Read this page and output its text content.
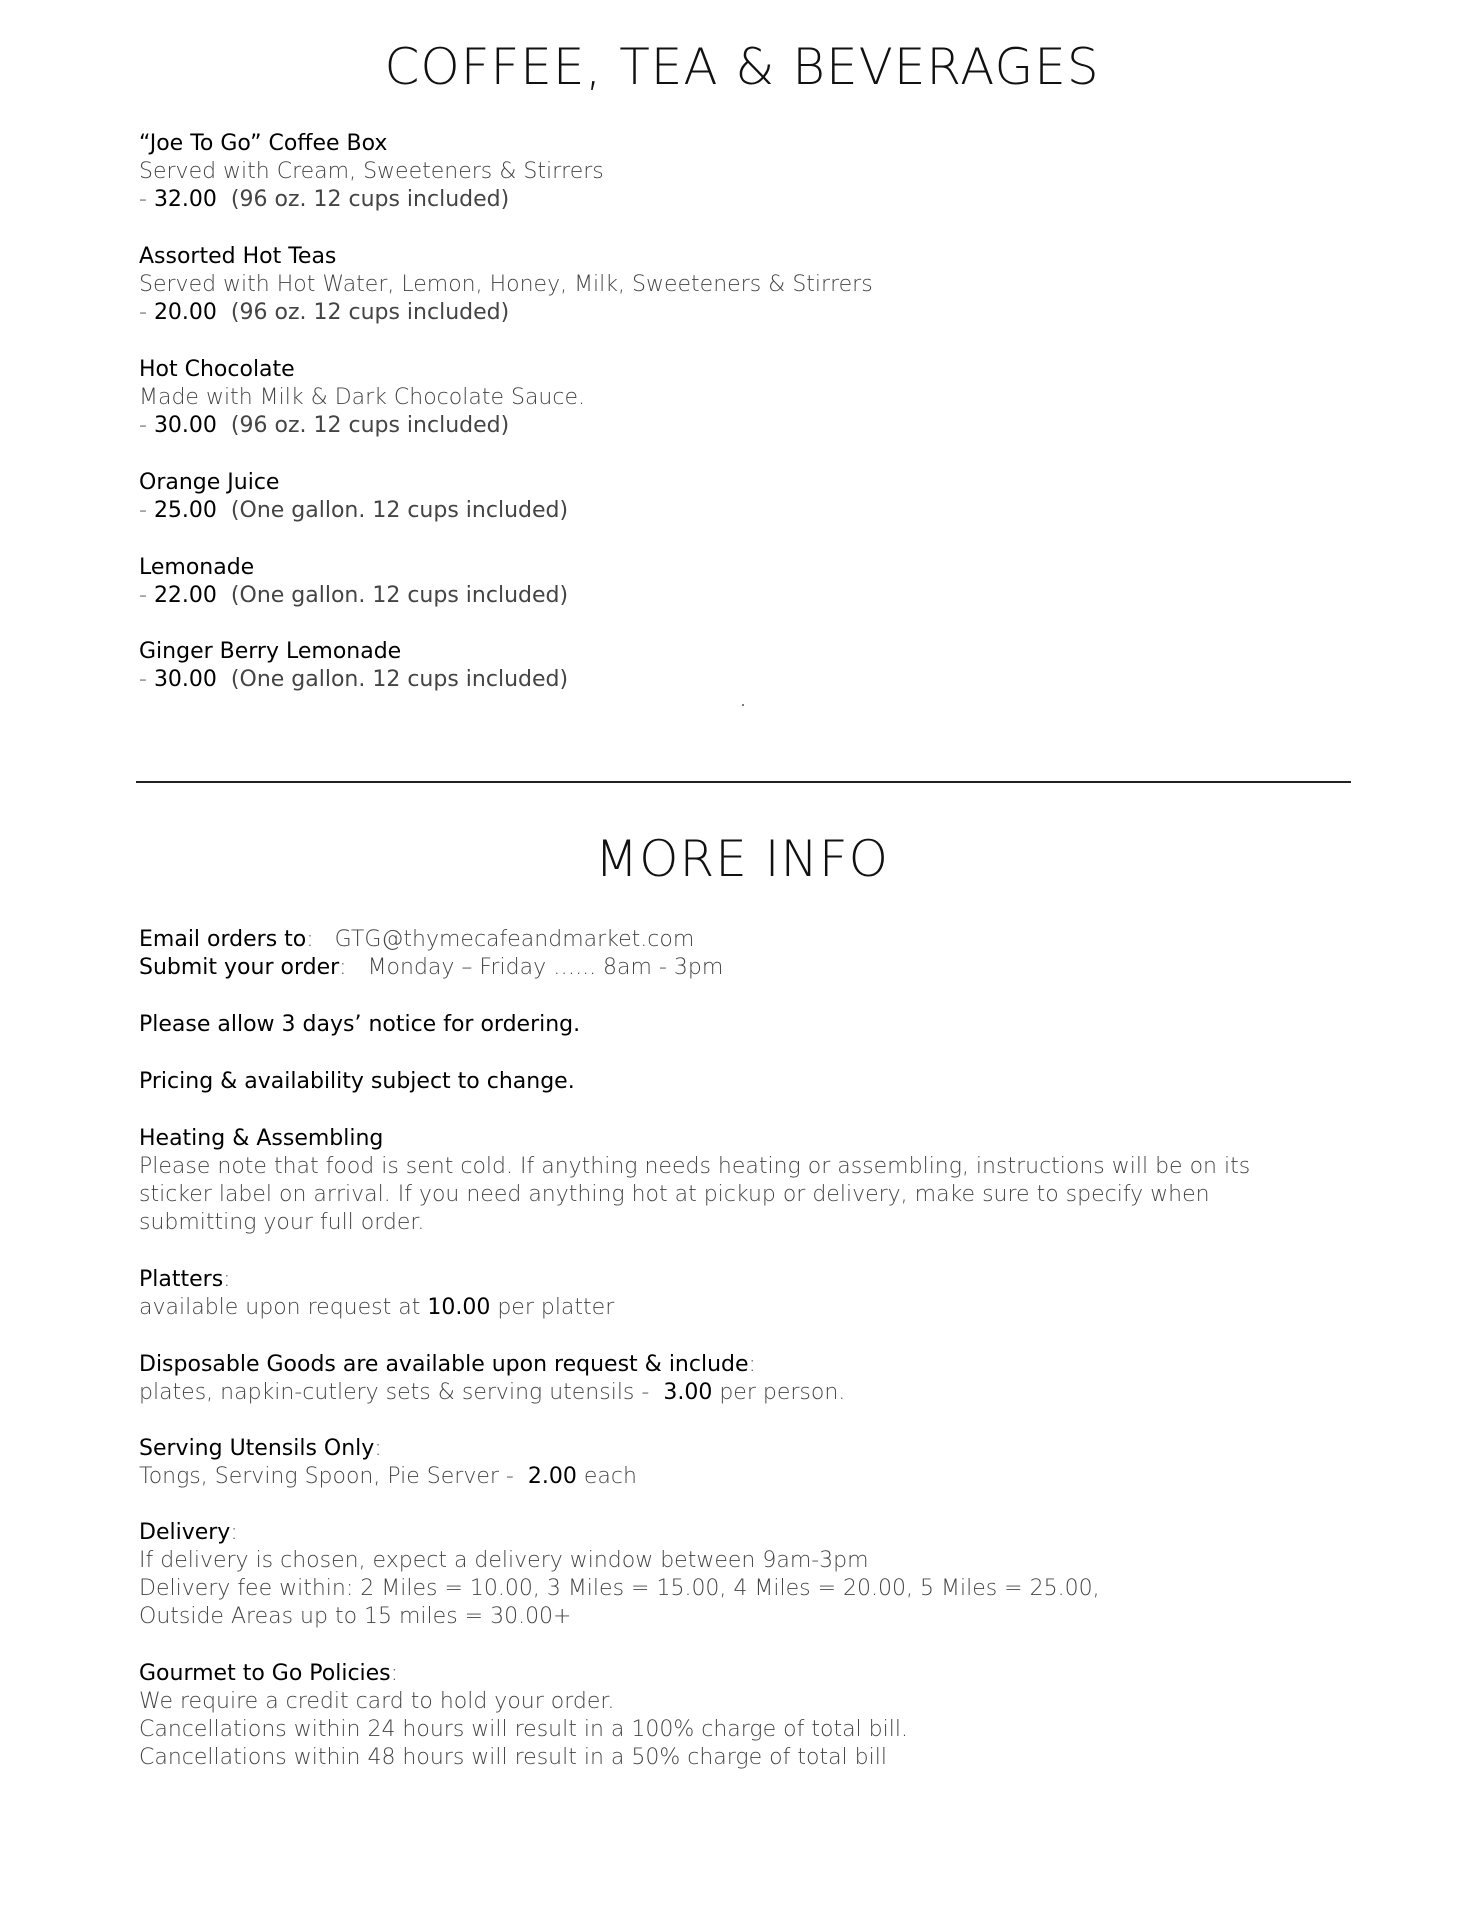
COFFEE, TEA & BEVERAGES
“Joe To Go” Coffee Box
Served with Cream, Sweeteners & Stirrers
- 32.00 (96 oz. 12 cups included)
Assorted Hot Teas
Served with Hot Water, Lemon, Honey, Milk, Sweeteners & Stirrers
- 20.00 (96 oz. 12 cups included)
Hot Chocolate
Made with Milk & Dark Chocolate Sauce.
- 30.00 (96 oz. 12 cups included)
Orange Juice
- 25.00 (One gallon. 12 cups included)
Lemonade
- 22.00 (One gallon. 12 cups included)
Ginger Berry Lemonade
- 30.00 (One gallon. 12 cups included)
MORE INFO
Email orders to:   GTG@thymecafeandmarket.com
Submit your order:   Monday – Friday …... 8am - 3pm
Please allow 3 days’ notice for ordering.
Pricing & availability subject to change.
Heating & Assembling
Please note that food is sent cold. If anything needs heating or assembling, instructions will be on its
sticker label on arrival. If you need anything hot at pickup or delivery, make sure to specify when
submitting your full order.
Platters:
available upon request at 10.00 per platter
Disposable Goods are available upon request & include:
plates, napkin-cutlery sets & serving utensils - 3.00 per person.
Serving Utensils Only:
Tongs, Serving Spoon, Pie Server - 2.00 each
Delivery:
If delivery is chosen, expect a delivery window between 9am-3pm
Delivery fee within: 2 Miles = 10.00, 3 Miles = 15.00, 4 Miles = 20.00, 5 Miles = 25.00,
Outside Areas up to 15 miles = 30.00+
Gourmet to Go Policies:
We require a credit card to hold your order.
Cancellations within 24 hours will result in a 100% charge of total bill.
Cancellations within 48 hours will result in a 50% charge of total bill
